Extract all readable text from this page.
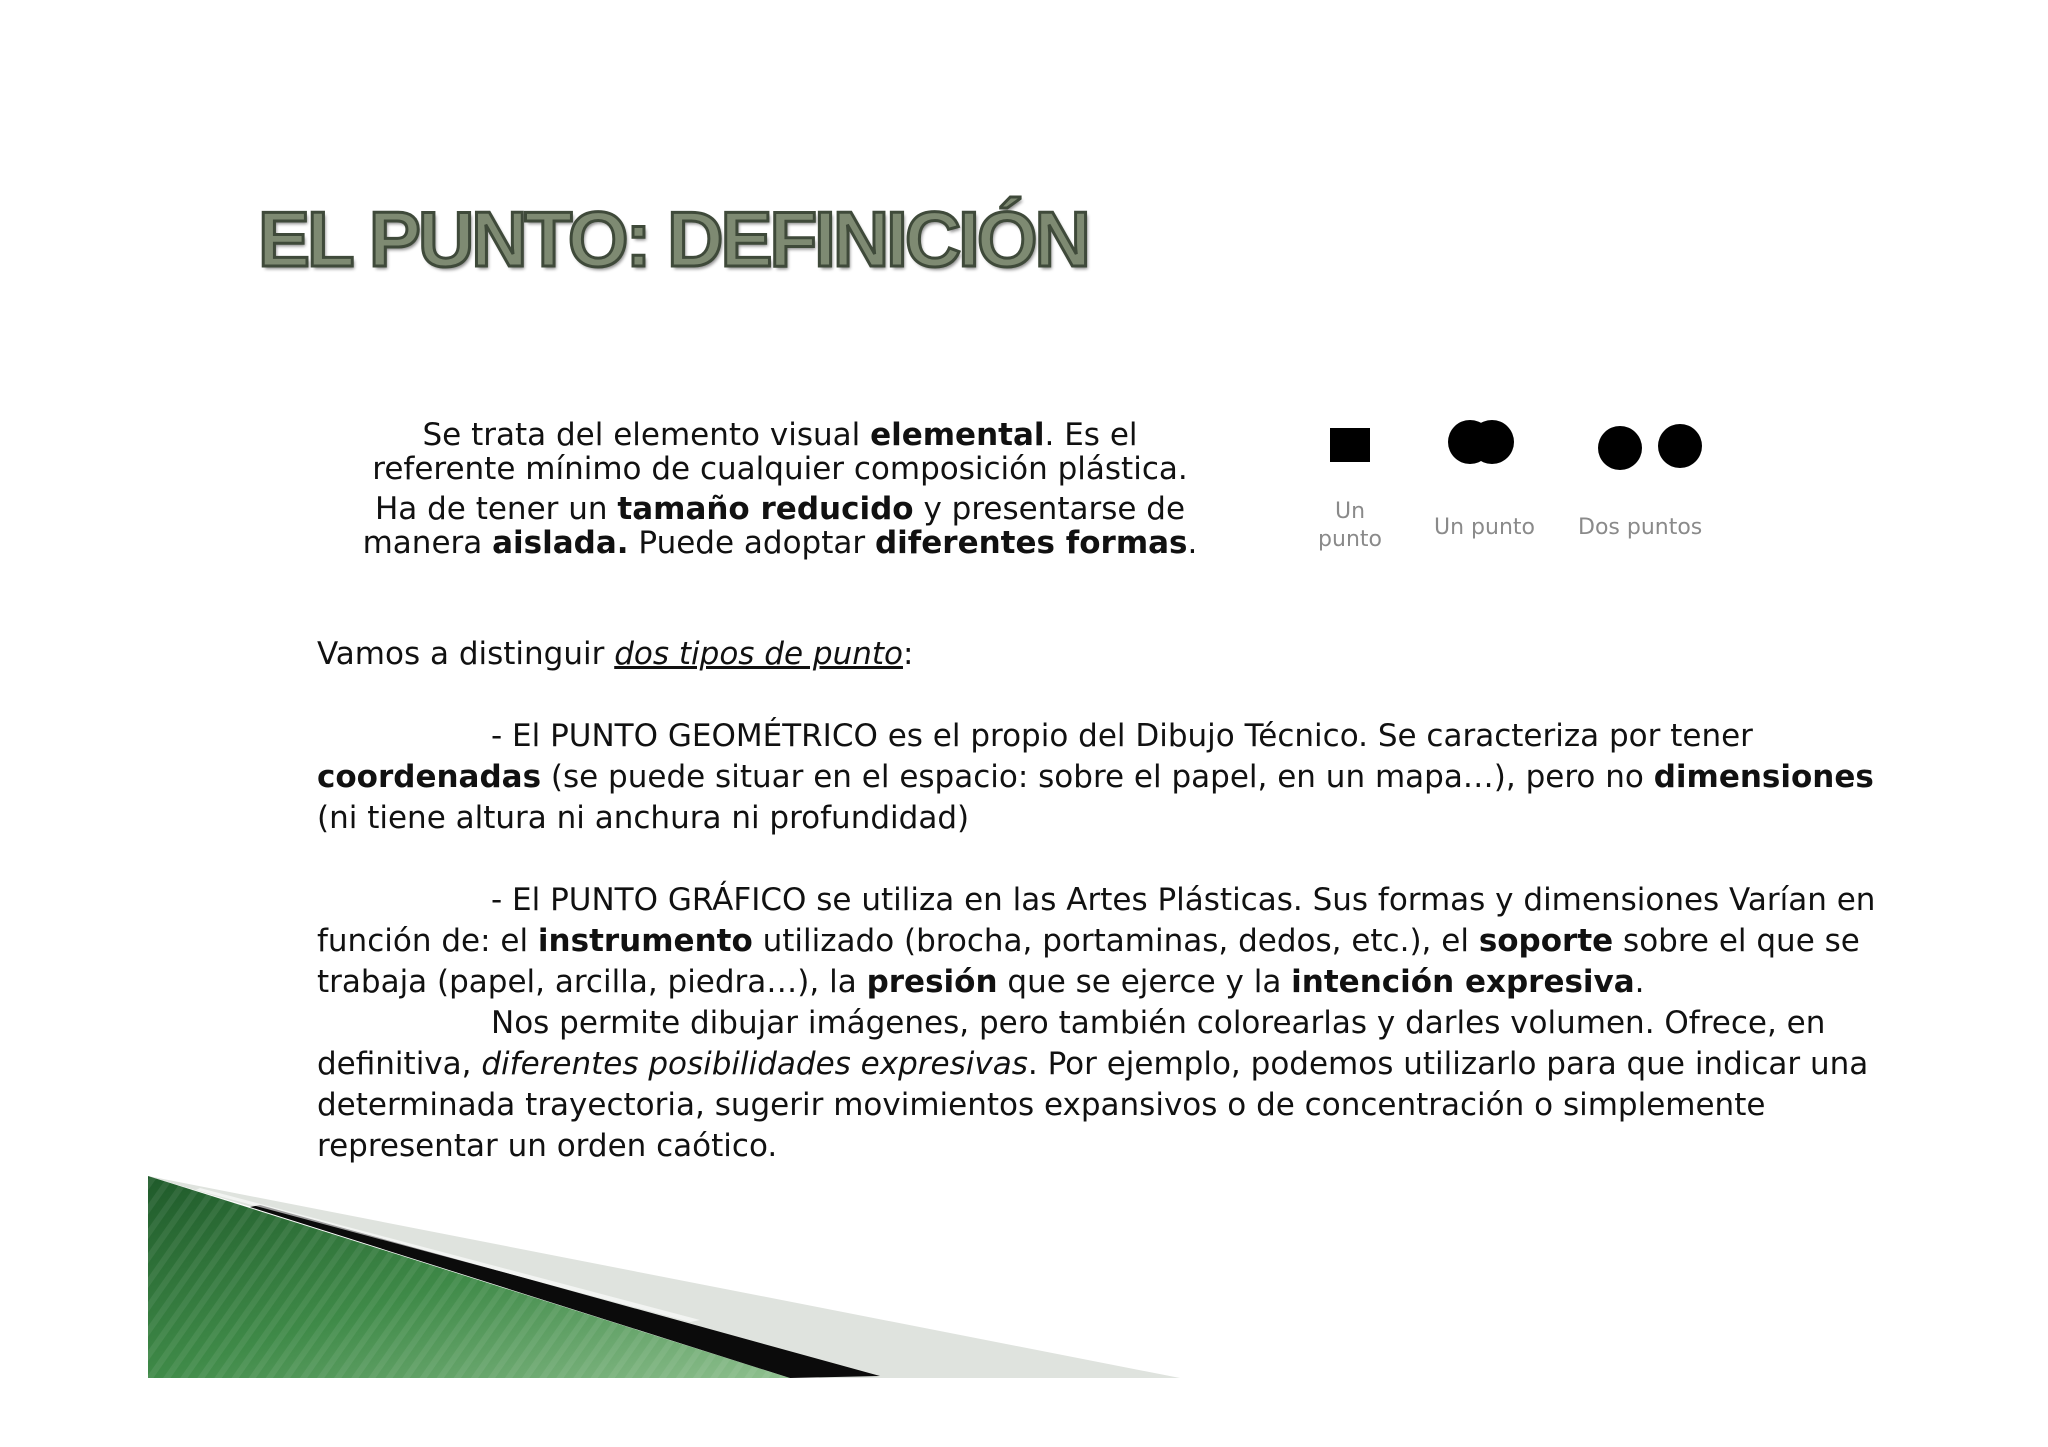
EL PUNTO: DEFINICIÓN

Se trata del elemento visual elemental. Es el referente mínimo de cualquier composición plástica.

Ha de tener un tamaño reducido y presentarse de manera aislada. Puede adoptar diferentes formas.

Un punto	Un punto Dos puntos

Vamos a distinguir dos tipos de punto:

- El PUNTO GEOMÉTRICO es el propio del Dibujo Técnico. Se caracteriza por tener coordenadas (se puede situar en el espacio: sobre el papel, en un mapa…), pero no dimensiones (ni tiene altura ni anchura ni profundidad)

- El PUNTO GRÁFICO se utiliza en las Artes Plásticas. Sus formas y dimensiones Varían en función de: el instrumento utilizado (brocha, portaminas, dedos, etc.), el soporte sobre el que se trabaja (papel, arcilla, piedra…), la presión que se ejerce y la intención expresiva.

Nos permite dibujar imágenes, pero también colorearlas y darles volumen. Ofrece, en definitiva, diferentes posibilidades expresivas. Por ejemplo, podemos utilizarlo para que indicar una determinada trayectoria, sugerir movimientos expansivos o de concentración o simplemente representar un orden caótico.
